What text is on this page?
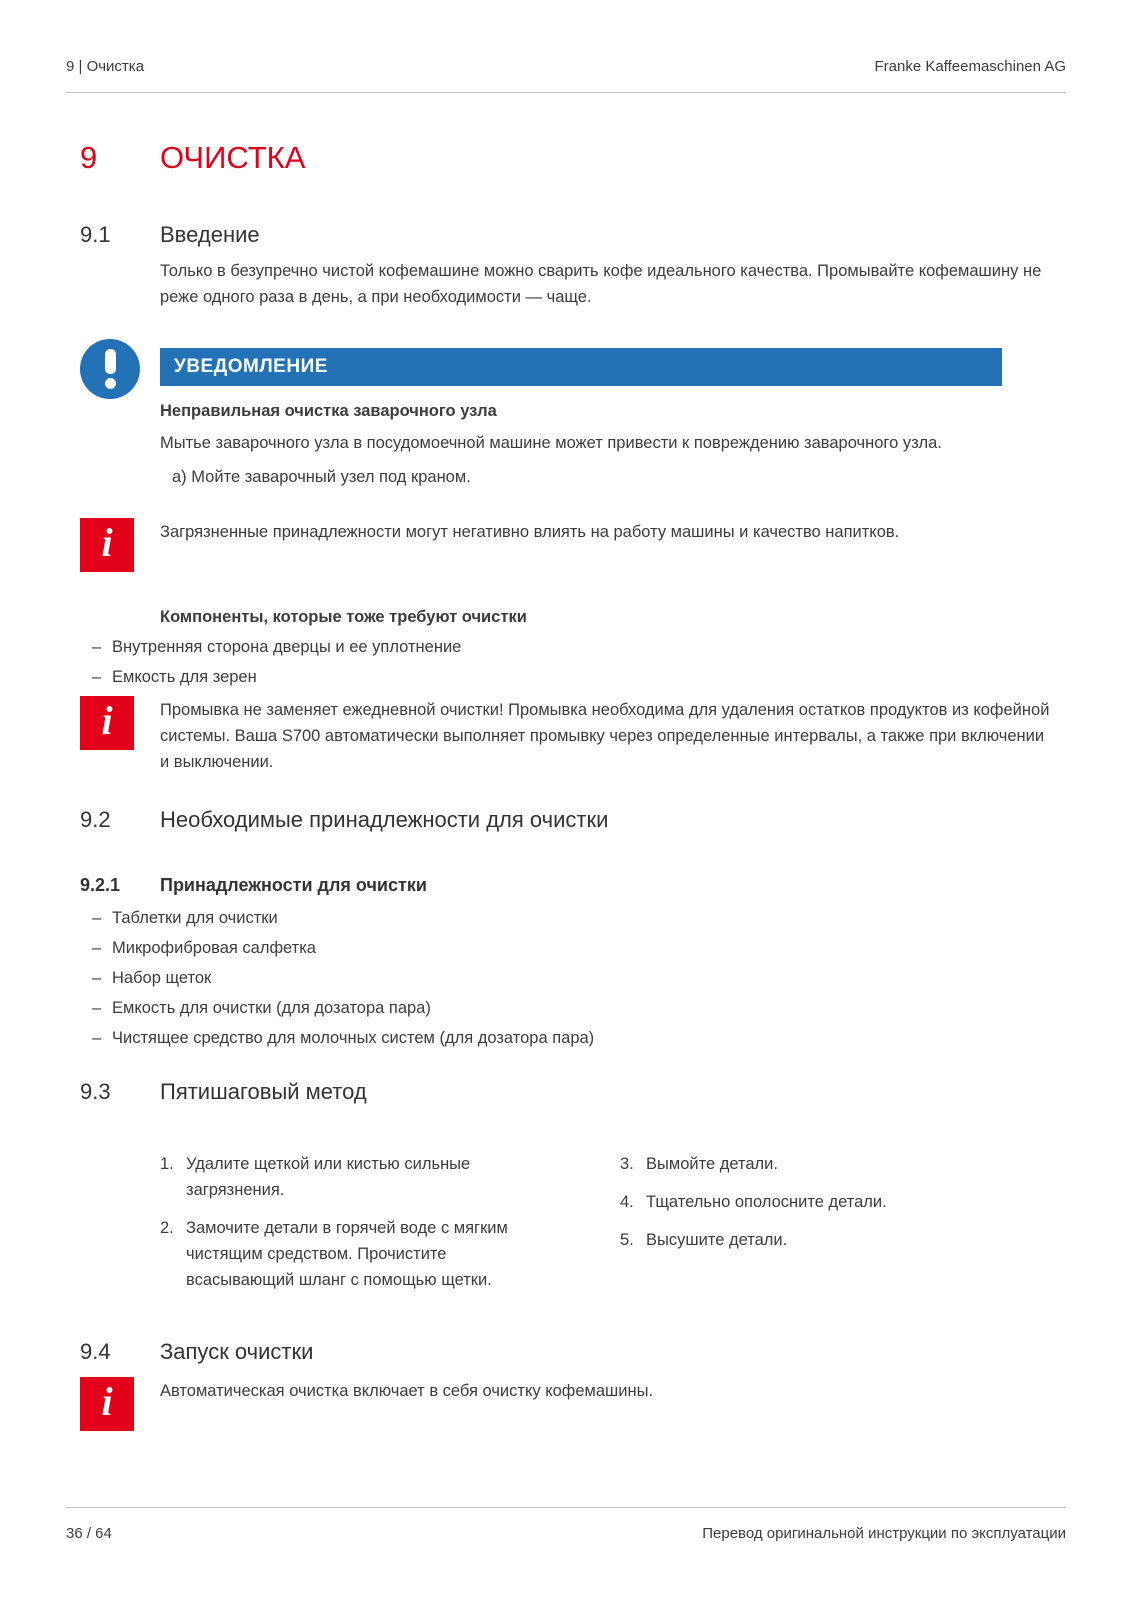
9 | Очистка	Franke Kaffeemaschinen AG
9	ОЧИСТКА
9.1	Введение

Только в безупречно чистой кофемашине можно сварить кофе идеального качества. Промывайте кофемашину не реже одного раза в день, а при необходимости — чаще.

УВЕДОМЛЕНИЕ

Неправильная очистка заварочного узла

Мытье заварочного узла в посудомоечной машине может привести к повреждению заварочного узла.

a) Мойте заварочный узел под краном.

i	Загрязненные принадлежности могут негативно влиять на работу машины и качество напитков.

Компоненты, которые тоже требуют очистки

– Внутренняя сторона дверцы и ее уплотнение
– Емкость для зерен
i	Промывка не заменяет ежедневной очистки! Промывка необходима для удаления остатков продуктов из кофейной системы. Ваша S700 автоматически выполняет промывку через определенные интервалы, а также при включении и выключении.

9.2	Необходимые принадлежности для очистки
9.2.1	Принадлежности для очистки
– Таблетки для очистки
– Микрофибровая салфетка
– Набор щеток
– Емкость для очистки (для дозатора пара)
– Чистящее средство для молочных систем (для дозатора пара)
9.3	Пятишаговый метод
1. Удалите щеткой или кистью сильные загрязнения.
2. Замочите детали в горячей воде с мягким чистящим средством. Прочистите всасывающий шланг с помощью щетки.
3. Вымойте детали.
4. Тщательно ополосните детали.
5. Высушите детали.
9.4	Запуск очистки
i	Автоматическая очистка включает в себя очистку кофемашины.

36 / 64	Перевод оригинальной инструкции по эксплуатации
